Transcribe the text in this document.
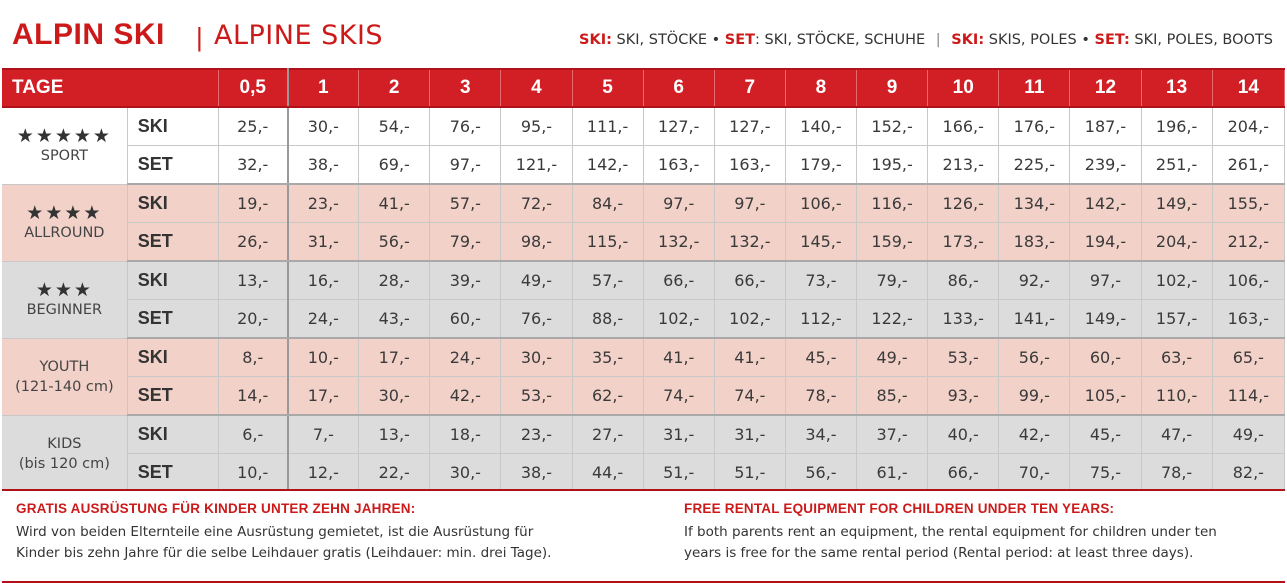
ALPIN SKI | ALPINE SKIS	SKI: SKI, STÖCKE • SET: SKI, STÖCKE, SCHUHE | SKI: SKIS, POLES • SET: SKI, POLES, BOOTS
TAGE		0,5	1	2	3	4	5	6	7	8	9	10	11	12	13	14

★★★★★
SPORT	SKI	25,-	30,-	54,-	76,-	95,-	111,-	127,-	127,-	140,-	152,-	166,-	176,-	187,-	196,-	204,-
	SET	32,-	38,-	69,-	97,-	121,-	142,-	163,-	163,-	179,-	195,-	213,-	225,-	239,-	251,-	261,-

★★★★
ALLROUND	SKI	19,-	23,-	41,-	57,-	72,-	84,-	97,-	97,-	106,-	116,-	126,-	134,-	142,-	149,-	155,-
	SET	26,-	31,-	56,-	79,-	98,-	115,-	132,-	132,-	145,-	159,-	173,-	183,-	194,-	204,-	212,-

★★★
BEGINNER	SKI	13,-	16,-	28,-	39,-	49,-	57,-	66,-	66,-	73,-	79,-	86,-	92,-	97,-	102,-	106,-
	SET	20,-	24,-	43,-	60,-	76,-	88,-	102,-	102,-	112,-	122,-	133,-	141,-	149,-	157,-	163,-

YOUTH
(121-140 cm)	SKI	8,-	10,-	17,-	24,-	30,-	35,-	41,-	41,-	45,-	49,-	53,-	56,-	60,-	63,-	65,-
	SET	14,-	17,-	30,-	42,-	53,-	62,-	74,-	74,-	78,-	85,-	93,-	99,-	105,-	110,-	114,-

KIDS
(bis 120 cm)	SKI	6,-	7,-	13,-	18,-	23,-	27,-	31,-	31,-	34,-	37,-	40,-	42,-	45,-	47,-	49,-
	SET	10,-	12,-	22,-	30,-	38,-	44,-	51,-	51,-	56,-	61,-	66,-	70,-	75,-	78,-	82,-
GRATIS AUSRÜSTUNG FÜR KINDER UNTER ZEHN JAHREN:
Wird von beiden Elternteile eine Ausrüstung gemietet, ist die Ausrüstung für
Kinder bis zehn Jahre für die selbe Leihdauer gratis (Leihdauer: min. drei Tage).
FREE RENTAL EQUIPMENT FOR CHILDREN UNDER TEN YEARS:
If both parents rent an equipment, the rental equipment for children under ten
years is free for the same rental period (Rental period: at least three days).
